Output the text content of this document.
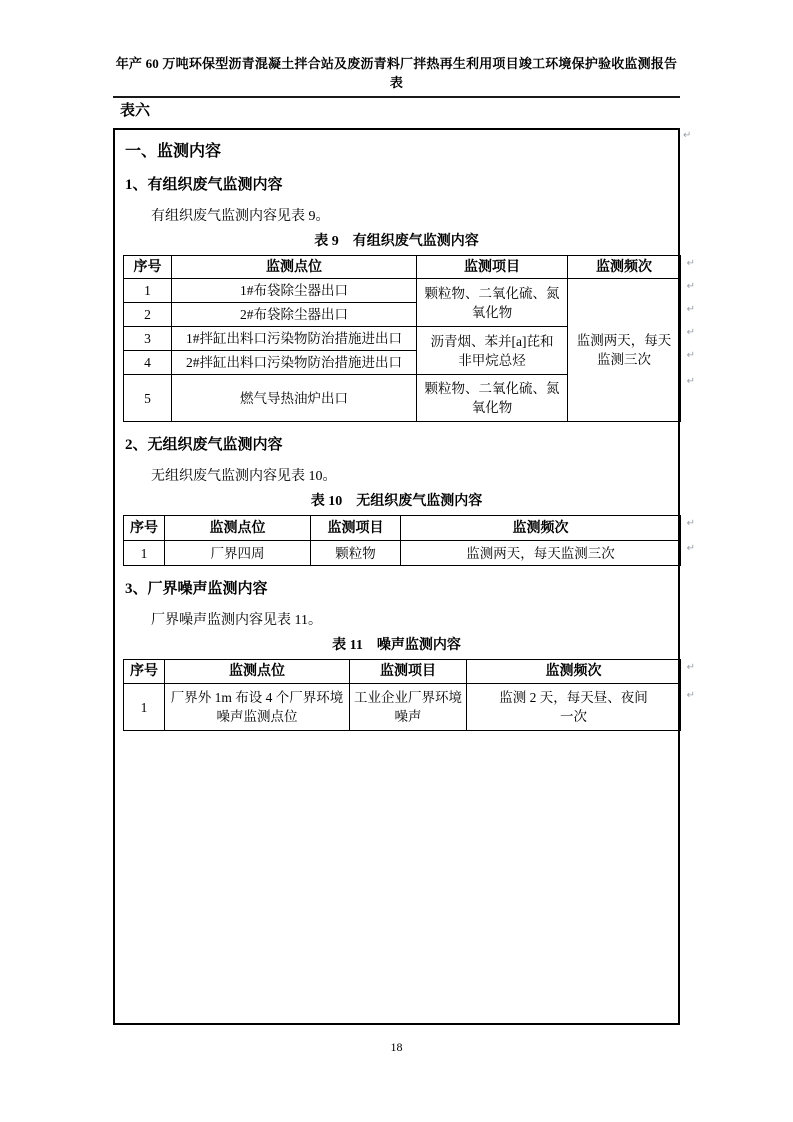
年产 60 万吨环保型沥青混凝土拌合站及废沥青料厂拌热再生利用项目竣工环境保护验收监测报告表
表六
↵
一、监测内容
1、有组织废气监测内容

有组织废气监测内容见表 9。

表 9　有组织废气监测内容
序号	监测点位	监测项目	监测频次
1	1#布袋除尘器出口	颗粒物、二氧化硫、氮氧化物	监测两天，每天监测三次
2	2#布袋除尘器出口		
3	1#拌缸出料口污染物防治措施进出口	沥青烟、苯并[a]芘和非甲烷总烃	
4	2#拌缸出料口污染物防治措施进出口		
5	燃气导热油炉出口	颗粒物、二氧化硫、氮氧化物	
↵
↵
↵
↵
↵
↵
2、无组织废气监测内容

无组织废气监测内容见表 10。

表 10　无组织废气监测内容
序号	监测点位	监测项目	监测频次
1	厂界四周	颗粒物	监测两天，每天监测三次
↵
↵
3、厂界噪声监测内容

厂界噪声监测内容见表 11。

表 11　噪声监测内容
序号	监测点位	监测项目	监测频次
1	厂界外 1m 布设 4 个厂界环境噪声监测点位	工业企业厂界环境噪声	监测 2 天，每天昼、夜间一次
↵
↵
18
